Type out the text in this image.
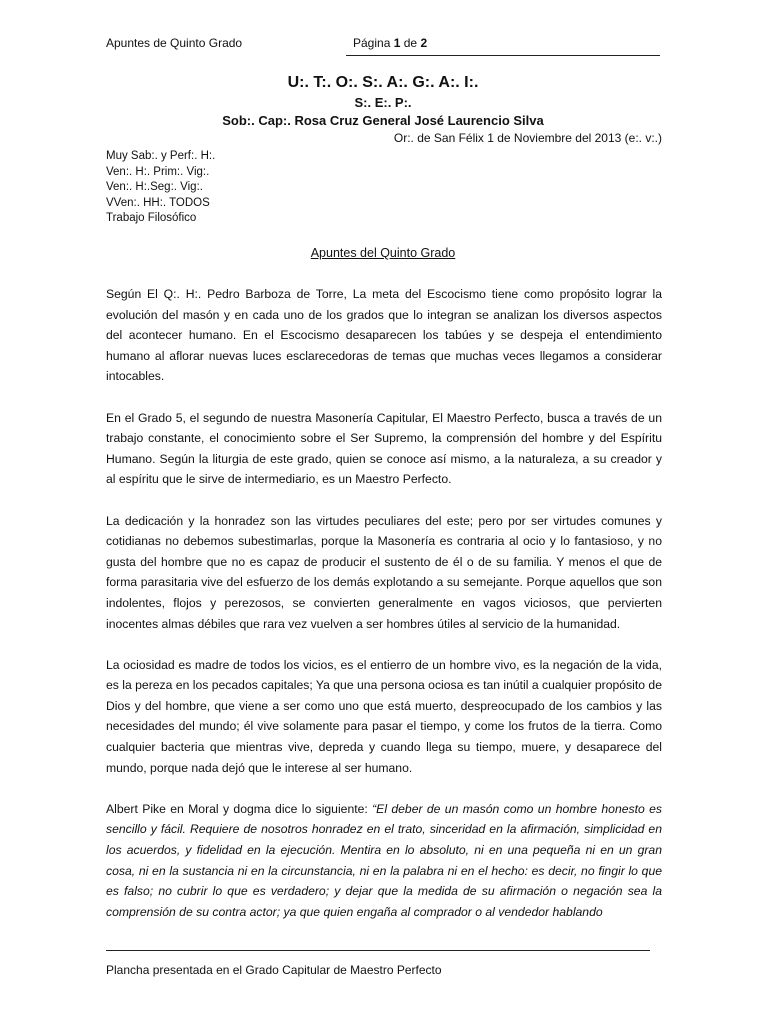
Apuntes de Quinto Grado	Página 1 de 2

U:. T:. O:. S:. A:. G:. A:. I:.

S:. E:. P:.

Sob:. Cap:. Rosa Cruz General José Laurencio Silva

Or:. de San Félix 1 de Noviembre del 2013 (e:. v:.)
Muy Sab:. y Perf:. H:.
Ven:. H:. Prim:. Vig:.
Ven:. H:.Seg:. Vig:.
VVen:. HH:. TODOS
Trabajo Filosófico
Apuntes del Quinto Grado

Según El Q:. H:. Pedro Barboza de Torre, La meta del Escocismo tiene como propósito lograr la evolución del masón y en cada uno de los grados que lo integran se analizan los diversos aspectos del acontecer humano. En el Escocismo desaparecen los tabúes y se despeja el entendimiento humano al aflorar nuevas luces esclarecedoras de temas que muchas veces llegamos a considerar intocables.

En el Grado 5, el segundo de nuestra Masonería Capitular, El Maestro Perfecto, busca a través de un trabajo constante, el conocimiento sobre el Ser Supremo, la comprensión del hombre y del Espíritu Humano. Según la liturgia de este grado, quien se conoce así mismo, a la naturaleza, a su creador y al espíritu que le sirve de intermediario, es un Maestro Perfecto.

La dedicación y la honradez son las virtudes peculiares del este; pero por ser virtudes comunes y cotidianas no debemos subestimarlas, porque la Masonería es contraria al ocio y lo fantasioso, y no gusta del hombre que no es capaz de producir el sustento de él o de su familia. Y menos el que de forma parasitaria vive del esfuerzo de los demás explotando a su semejante. Porque aquellos que son indolentes, flojos y perezosos, se convierten generalmente en vagos viciosos, que pervierten inocentes almas débiles que rara vez vuelven a ser hombres útiles al servicio de la humanidad.

La ociosidad es madre de todos los vicios, es el entierro de un hombre vivo, es la negación de la vida, es la pereza en los pecados capitales; Ya que una persona ociosa es tan inútil a cualquier propósito de Dios y del hombre, que viene a ser como uno que está muerto, despreocupado de los cambios y las necesidades del mundo; él vive solamente para pasar el tiempo, y come los frutos de la tierra. Como cualquier bacteria que mientras vive, depreda y cuando llega su tiempo, muere, y desaparece del mundo, porque nada dejó que le interese al ser humano.

Albert Pike en Moral y dogma dice lo siguiente: “El deber de un masón como un hombre honesto es sencillo y fácil. Requiere de nosotros honradez en el trato, sinceridad en la afirmación, simplicidad en los acuerdos, y fidelidad en la ejecución. Mentira en lo absoluto, ni en una pequeña ni en un gran cosa, ni en la sustancia ni en la circunstancia, ni en la palabra ni en el hecho: es decir, no fingir lo que es falso; no cubrir lo que es verdadero; y dejar que la medida de su afirmación o negación sea la comprensión de su contra actor; ya que quien engaña al comprador o al vendedor hablando

Plancha presentada en el Grado Capitular de Maestro Perfecto
